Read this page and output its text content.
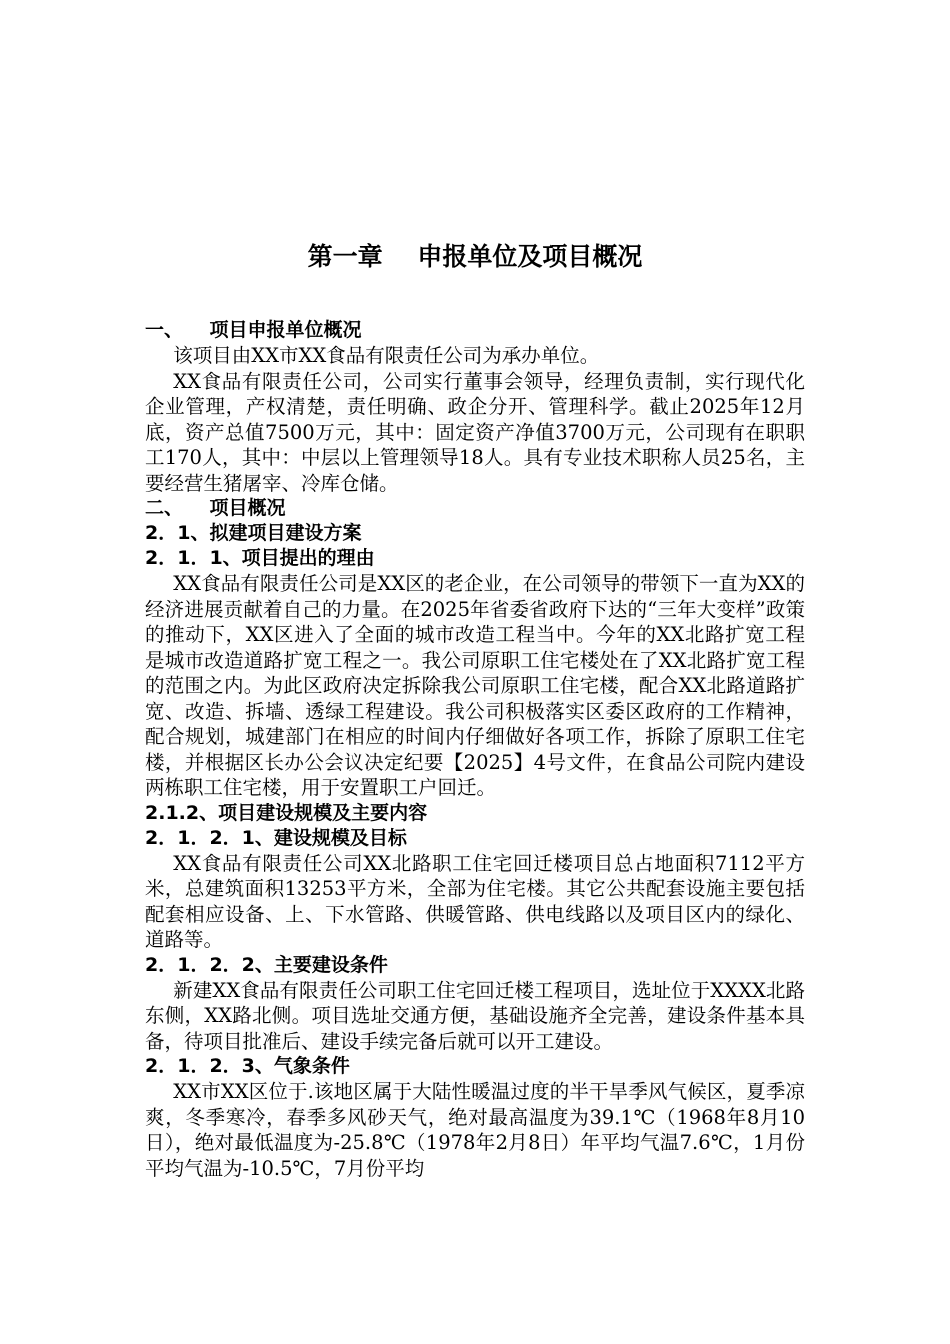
第一章    申报单位及项目概况
一、    项目申报单位概况
该项目由XX市XX食品有限责任公司为承办单位。
XX食品有限责任公司，公司实行董事会领导，经理负责制，实行现代化企业管理，产权清楚，责任明确、政企分开、管理科学。截止2025年12月底，资产总值7500万元，其中：固定资产净值3700万元，公司现有在职职工170人，其中：中层以上管理领导18人。具有专业技术职称人员25名，主要经营生猪屠宰、冷库仓储。
二、    项目概况
2．1、拟建项目建设方案
2．1．1、项目提出的理由
XX食品有限责任公司是XX区的老企业，在公司领导的带领下一直为XX的经济进展贡献着自己的力量。在2025年省委省政府下达的“三年大变样”政策的推动下，XX区进入了全面的城市改造工程当中。今年的XX北路扩宽工程是城市改造道路扩宽工程之一。我公司原职工住宅楼处在了XX北路扩宽工程的范围之内。为此区政府决定拆除我公司原职工住宅楼，配合XX北路道路扩宽、改造、拆墙、透绿工程建设。我公司积极落实区委区政府的工作精神，配合规划，城建部门在相应的时间内仔细做好各项工作，拆除了原职工住宅楼，并根据区长办公会议决定纪要【2025】4号文件，在食品公司院内建设两栋职工住宅楼，用于安置职工户回迁。
2.1.2、项目建设规模及主要内容
2．1．2．1、建设规模及目标
XX食品有限责任公司XX北路职工住宅回迁楼项目总占地面积7112平方米，总建筑面积13253平方米，全部为住宅楼。其它公共配套设施主要包括配套相应设备、上、下水管路、供暖管路、供电线路以及项目区内的绿化、道路等。
2．1．2．2、主要建设条件
新建XX食品有限责任公司职工住宅回迁楼工程项目，选址位于XXXX北路东侧，XX路北侧。项目选址交通方便，基础设施齐全完善，建设条件基本具备，待项目批准后、建设手续完备后就可以开工建设。
2．1．2．3、气象条件
XX市XX区位于.该地区属于大陆性暖温过度的半干旱季风气候区，夏季凉爽，冬季寒冷，春季多风砂天气，绝对最高温度为39.1℃（1968年8月10日），绝对最低温度为-25.8℃（1978年2月8日）年平均气温7.6℃，1月份平均气温为-10.5℃，7月份平均
